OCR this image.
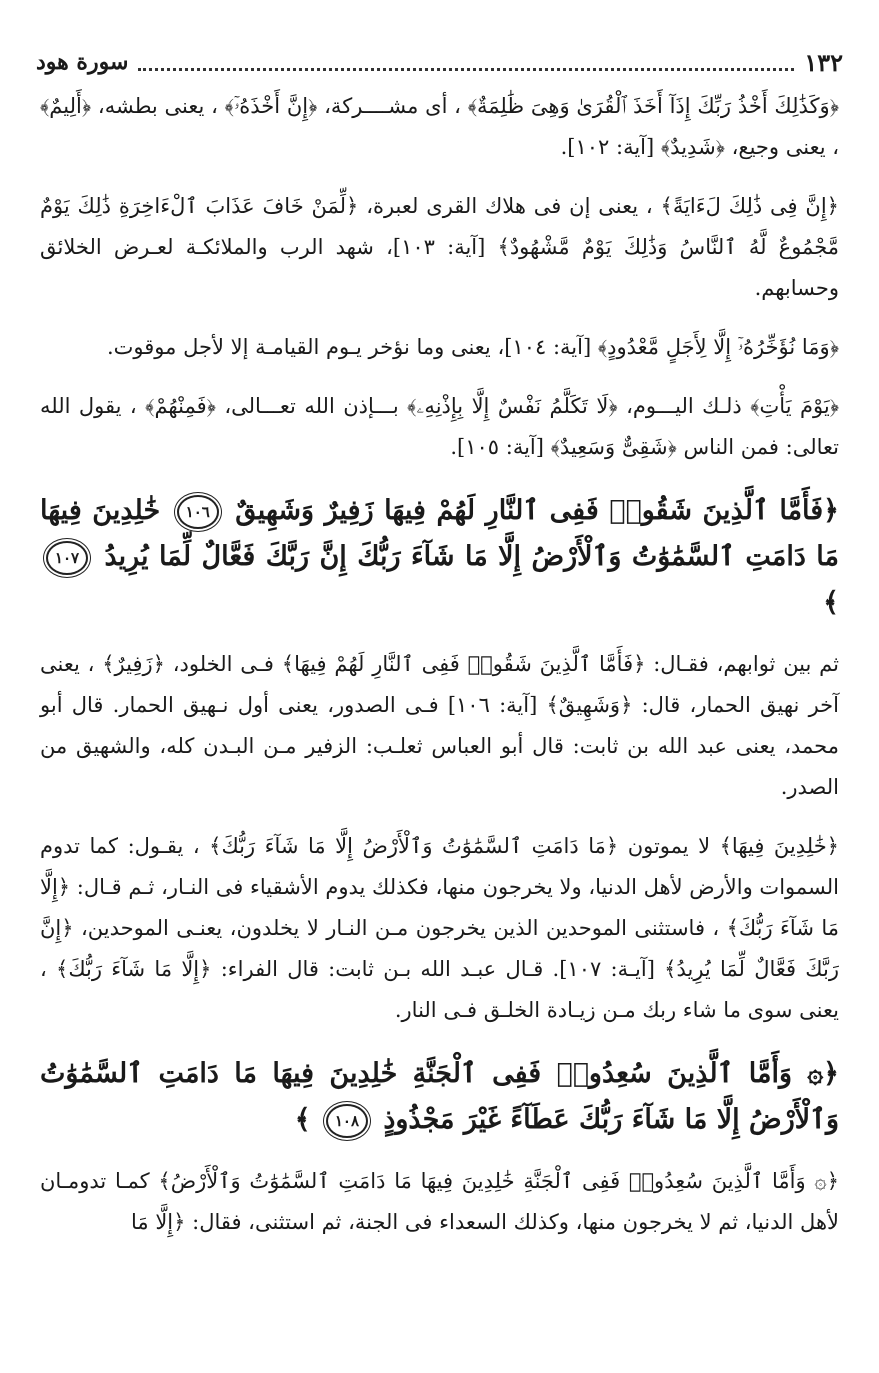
١٣٢
سورة هود

﴿وَكَذَٰلِكَ أَخْذُ رَبِّكَ إِذَآ أَخَذَ ٱلْقُرَىٰ وَهِىَ ظَٰلِمَةٌ﴾ ، أى مشــــركة، ﴿إِنَّ أَخْذَهُۥٓ﴾ ، يعنى بطشه، ﴿أَلِيمٌ﴾ ، يعنى وجيع، ﴿شَدِيدٌ﴾ [آية: ١٠٢].

﴿إِنَّ فِى ذَٰلِكَ لَءَايَةً﴾ ، يعنى إن فى هلاك القرى لعبرة، ﴿لِّمَنْ خَافَ عَذَابَ ٱلْءَاخِرَةِ ذَٰلِكَ يَوْمٌ مَّجْمُوعٌ لَّهُ ٱلنَّاسُ وَذَٰلِكَ يَوْمٌ مَّشْهُودٌ﴾ [آية: ١٠٣]، شهد الرب والملائكـة لعـرض الخلائق وحسابهم.

﴿وَمَا نُؤَخِّرُهُۥٓ إِلَّا لِأَجَلٍ مَّعْدُودٍ﴾ [آية: ١٠٤]، يعنى وما نؤخر يـوم القيامـة إلا لأجل موقوت.

﴿يَوْمَ يَأْتِ﴾ ذلـك اليـــوم، ﴿لَا تَكَلَّمُ نَفْسٌ إِلَّا بِإِذْنِهِۦ﴾ بـــإذن الله تعـــالى، ﴿فَمِنْهُمْ﴾ ، يقول الله تعالى: فمن الناس ﴿شَقِىٌّ وَسَعِيدٌ﴾ [آية: ١٠٥].

﴿فَأَمَّا ٱلَّذِينَ شَقُوا۟ فَفِى ٱلنَّارِ لَهُمْ فِيهَا زَفِيرٌ وَشَهِيقٌ ١٠٦ خَٰلِدِينَ فِيهَا مَا دَامَتِ ٱلسَّمَٰوَٰتُ وَٱلْأَرْضُ إِلَّا مَا شَآءَ رَبُّكَ إِنَّ رَبَّكَ فَعَّالٌ لِّمَا يُرِيدُ ١٠٧ ﴾

ثم بين ثوابهم، فقـال: ﴿فَأَمَّا ٱلَّذِينَ شَقُوا۟ فَفِى ٱلنَّارِ لَهُمْ فِيهَا﴾ فـى الخلود، ﴿زَفِيرٌ﴾ ، يعنى آخر نهيق الحمار، قال: ﴿وَشَهِيقٌ﴾ [آية: ١٠٦] فـى الصدور، يعنى أول نـهيق الحمار. قال أبو محمد، يعنى عبد الله بن ثابت: قال أبو العباس ثعلـب: الزفير مـن البـدن كله، والشهيق من الصدر.

﴿خَٰلِدِينَ فِيهَا﴾ لا يموتون ﴿مَا دَامَتِ ٱلسَّمَٰوَٰتُ وَٱلْأَرْضُ إِلَّا مَا شَآءَ رَبُّكَ﴾ ، يقـول: كما تدوم السموات والأرض لأهل الدنيا، ولا يخرجون منها، فكذلك يدوم الأشقياء فى النـار، ثـم قـال: ﴿إِلَّا مَا شَآءَ رَبُّكَ﴾ ، فاستثنى الموحدين الذين يخرجون مـن النـار لا يخلدون، يعنـى الموحدين، ﴿إِنَّ رَبَّكَ فَعَّالٌ لِّمَا يُرِيدُ﴾ [آيـة: ١٠٧]. قـال عبـد الله بـن ثابت: قال الفراء: ﴿إِلَّا مَا شَآءَ رَبُّكَ﴾ ، يعنى سوى ما شاء ربك مـن زيـادة الخلـق فـى النار.

﴿۞ وَأَمَّا ٱلَّذِينَ سُعِدُوا۟ فَفِى ٱلْجَنَّةِ خَٰلِدِينَ فِيهَا مَا دَامَتِ ٱلسَّمَٰوَٰتُ وَٱلْأَرْضُ إِلَّا مَا شَآءَ رَبُّكَ عَطَآءً غَيْرَ مَجْذُوذٍ ١٠٨ ﴾

﴿۞ وَأَمَّا ٱلَّذِينَ سُعِدُوا۟ فَفِى ٱلْجَنَّةِ خَٰلِدِينَ فِيهَا مَا دَامَتِ ٱلسَّمَٰوَٰتُ وَٱلْأَرْضُ﴾ كمـا تدومـان لأهل الدنيا، ثم لا يخرجون منها، وكذلك السعداء فى الجنة، ثم استثنى، فقال: ﴿إِلَّا مَا
